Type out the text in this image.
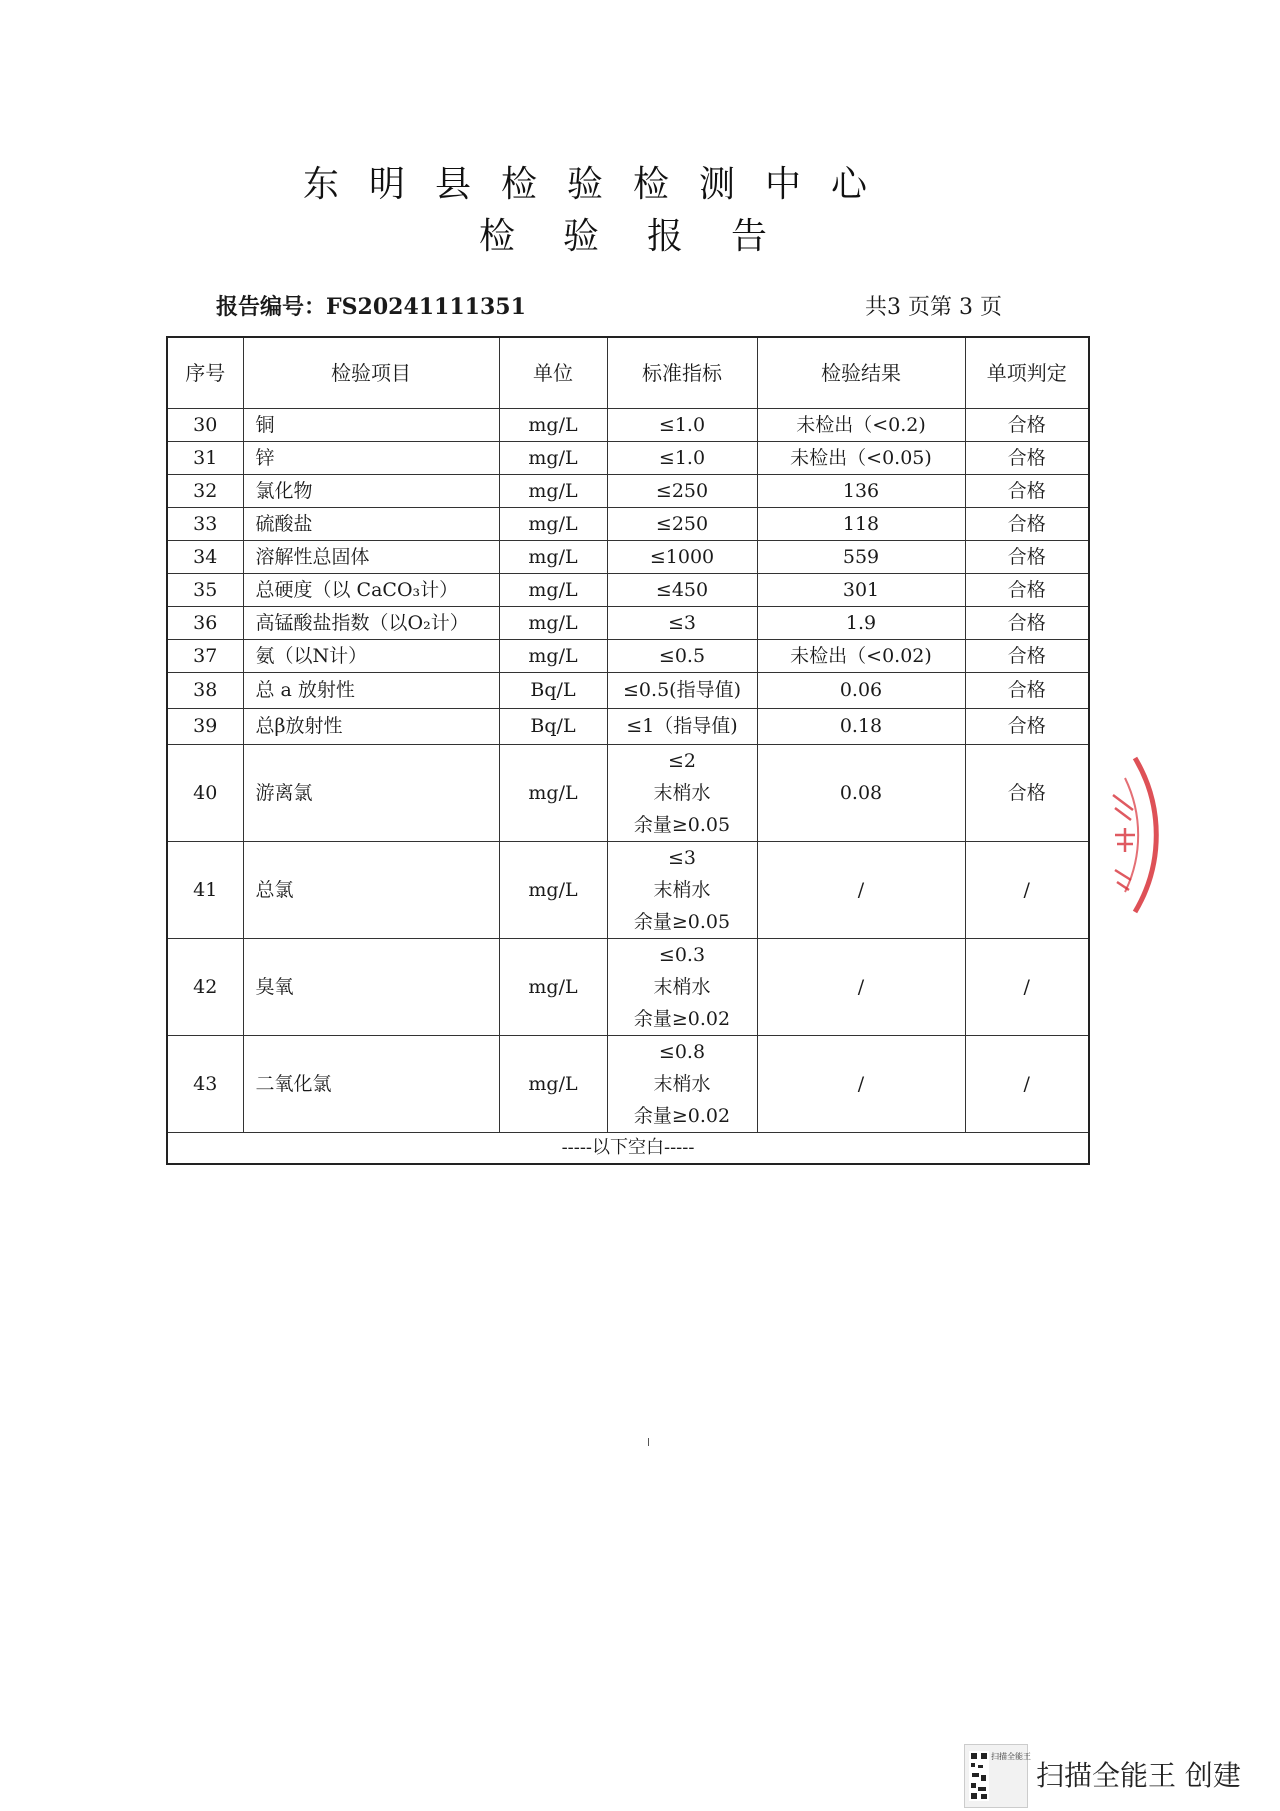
东明县检验检测中心
检验报告
报告编号：FS20241111351	共3 页第 3 页
序号	检验项目	单位	标准指标	检验结果	单项判定
30	铜	mg/L	≤1.0	未检出（<0.2)	合格
31	锌	mg/L	≤1.0	未检出（<0.05)	合格
32	氯化物	mg/L	≤250	136	合格
33	硫酸盐	mg/L	≤250	118	合格
34	溶解性总固体	mg/L	≤1000	559	合格
35	总硬度（以 CaCO₃计）	mg/L	≤450	301	合格
36	高锰酸盐指数（以O₂计）	mg/L	≤3	1.9	合格
37	氨（以N计）	mg/L	≤0.5	未检出（<0.02)	合格
38	总 a 放射性	Bq/L	≤0.5(指导值)	0.06	合格
39	总β放射性	Bq/L	≤1（指导值)	0.18	合格
40	游离氯	mg/L	≤2
末梢水
余量≥0.05	0.08	合格
41	总氯	mg/L	≤3
末梢水
余量≥0.05	/	/
42	臭氧	mg/L	≤0.3
末梢水
余量≥0.02	/	/
43	二氧化氯	mg/L	≤0.8
末梢水
余量≥0.02	/	/
-----以下空白-----					
扫描全能王
扫描全能王 创建
